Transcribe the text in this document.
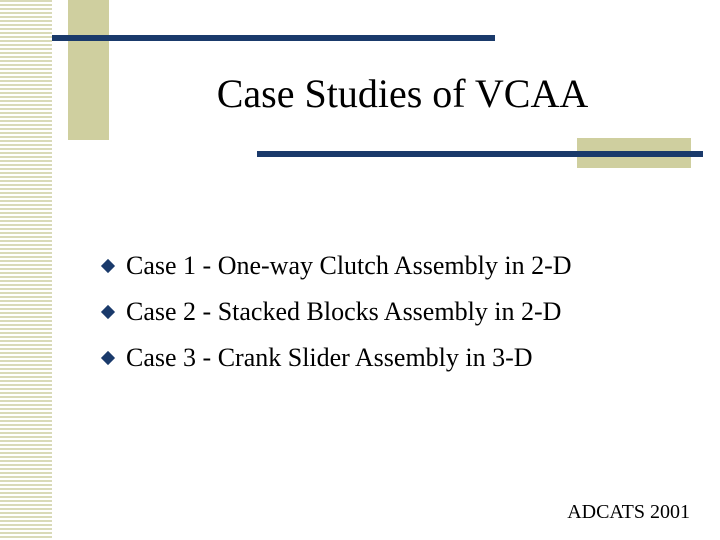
Case Studies of VCAA
Case 1 - One-way Clutch Assembly in 2-D
Case 2 - Stacked Blocks Assembly in 2-D
Case 3 - Crank Slider Assembly in 3-D
ADCATS 2001
